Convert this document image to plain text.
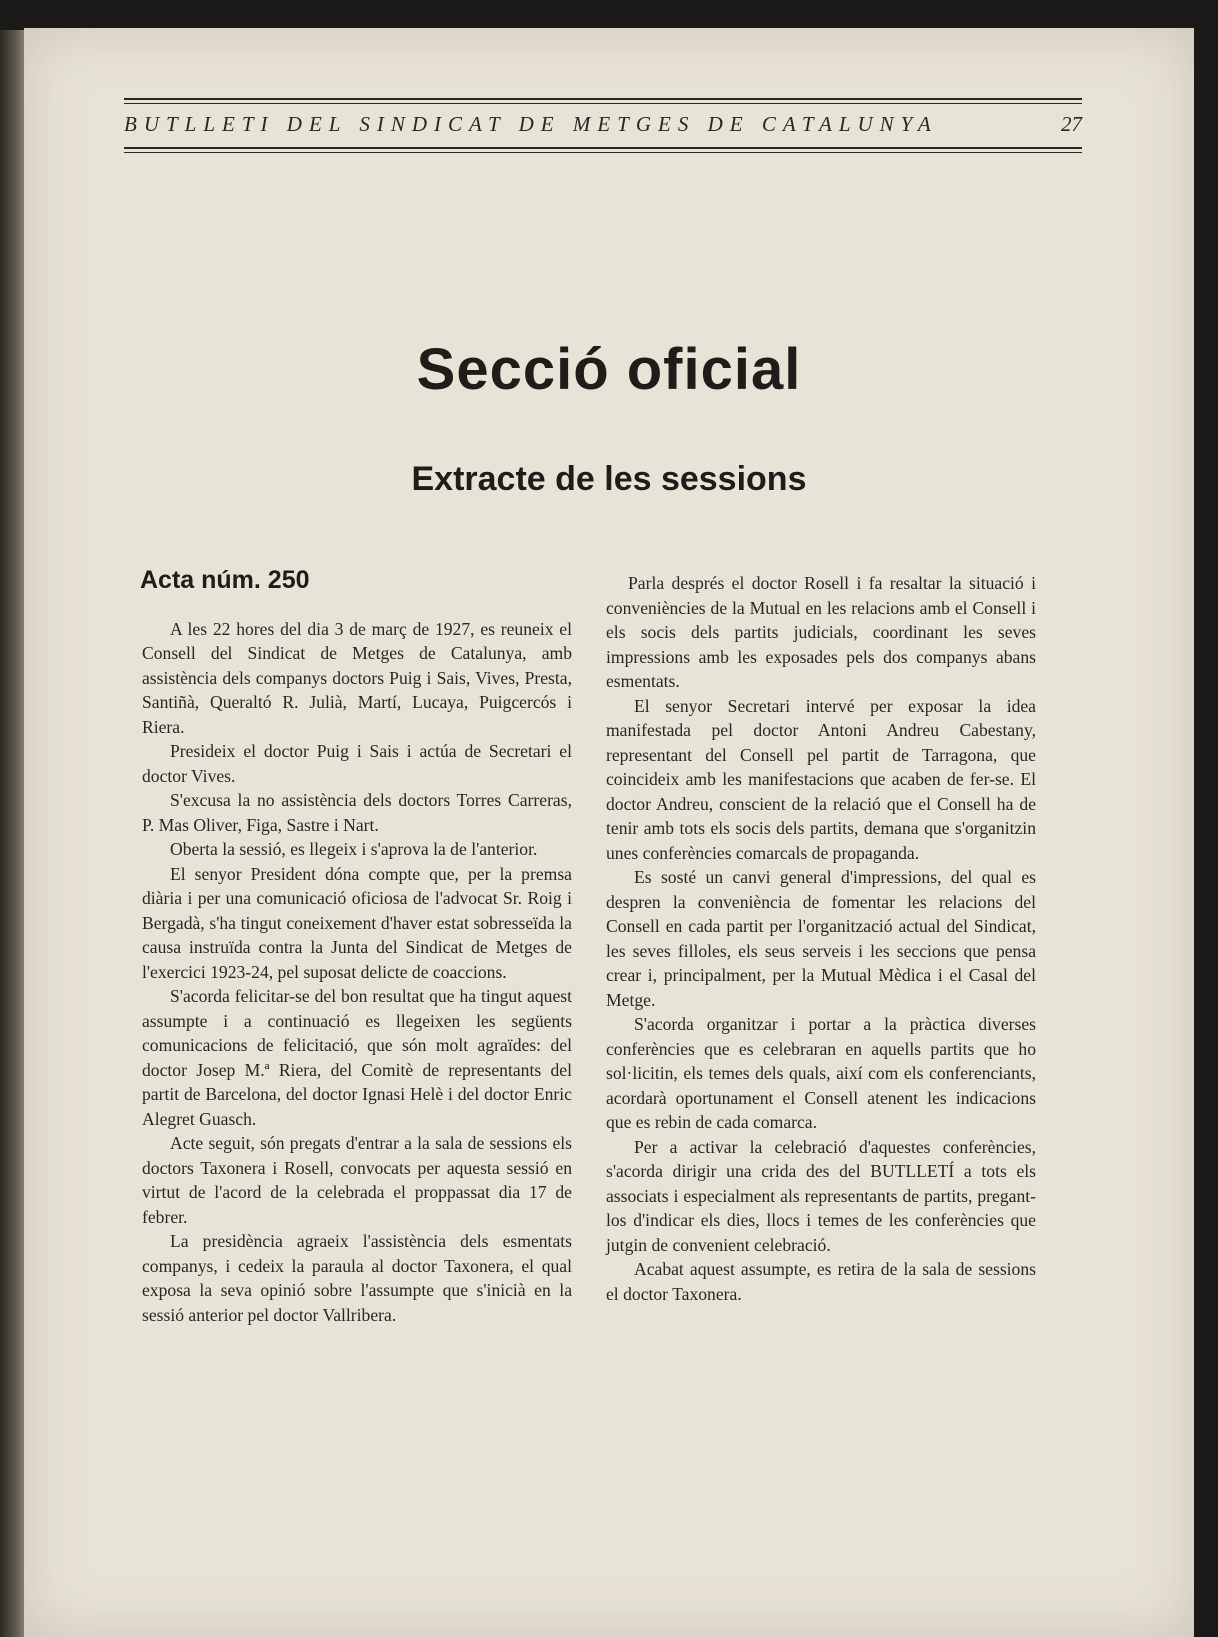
BUTLLETI DEL SINDICAT DE METGES DE CATALUNYA	27
Secció oficial
Extracte de les sessions
Acta núm. 250

A les 22 hores del dia 3 de març de 1927, es reuneix el Consell del Sindicat de Metges de Catalunya, amb assistència dels companys doctors Puig i Sais, Vives, Presta, Santiñà, Queraltó R. Julià, Martí, Lucaya, Puigcercós i Riera.

Presideix el doctor Puig i Sais i actúa de Secretari el doctor Vives.

S'excusa la no assistència dels doctors Torres Carreras, P. Mas Oliver, Figa, Sastre i Nart.

Oberta la sessió, es llegeix i s'aprova la de l'anterior.

El senyor President dóna compte que, per la premsa diària i per una comunicació oficiosa de l'advocat Sr. Roig i Bergadà, s'ha tingut coneixement d'haver estat sobresseïda la causa instruïda contra la Junta del Sindicat de Metges de l'exercici 1923-24, pel suposat delicte de coaccions.

S'acorda felicitar-se del bon resultat que ha tingut aquest assumpte i a continuació es llegeixen les següents comunicacions de felicitació, que són molt agraïdes: del doctor Josep M.ª Riera, del Comitè de representants del partit de Barcelona, del doctor Ignasi Helè i del doctor Enric Alegret Guasch.

Acte seguit, són pregats d'entrar a la sala de sessions els doctors Taxonera i Rosell, convocats per aquesta sessió en virtut de l'acord de la celebrada el proppassat dia 17 de febrer.

La presidència agraeix l'assistència dels esmentats companys, i cedeix la paraula al doctor Taxonera, el qual exposa la seva opinió sobre l'assumpte que s'inicià en la sessió anterior pel doctor Vallribera.

Parla després el doctor Rosell i fa resaltar la situació i conveniències de la Mutual en les relacions amb el Consell i els socis dels partits judicials, coordinant les seves impressions amb les exposades pels dos companys abans esmentats.

El senyor Secretari intervé per exposar la idea manifestada pel doctor Antoni Andreu Cabestany, representant del Consell pel partit de Tarragona, que coincideix amb les manifestacions que acaben de fer-se. El doctor Andreu, conscient de la relació que el Consell ha de tenir amb tots els socis dels partits, demana que s'organitzin unes conferències comarcals de propaganda.

Es sosté un canvi general d'impressions, del qual es despren la conveniència de fomentar les relacions del Consell en cada partit per l'organització actual del Sindicat, les seves filloles, els seus serveis i les seccions que pensa crear i, principalment, per la Mutual Mèdica i el Casal del Metge.

S'acorda organitzar i portar a la pràctica diverses conferències que es celebraran en aquells partits que ho sol·licitin, els temes dels quals, així com els conferenciants, acordarà oportunament el Consell atenent les indicacions que es rebin de cada comarca.

Per a activar la celebració d'aquestes conferències, s'acorda dirigir una crida des del BUTLLETÍ a tots els associats i especialment als representants de partits, pregant-los d'indicar els dies, llocs i temes de les conferències que jutgin de convenient celebració.

Acabat aquest assumpte, es retira de la sala de sessions el doctor Taxonera.
